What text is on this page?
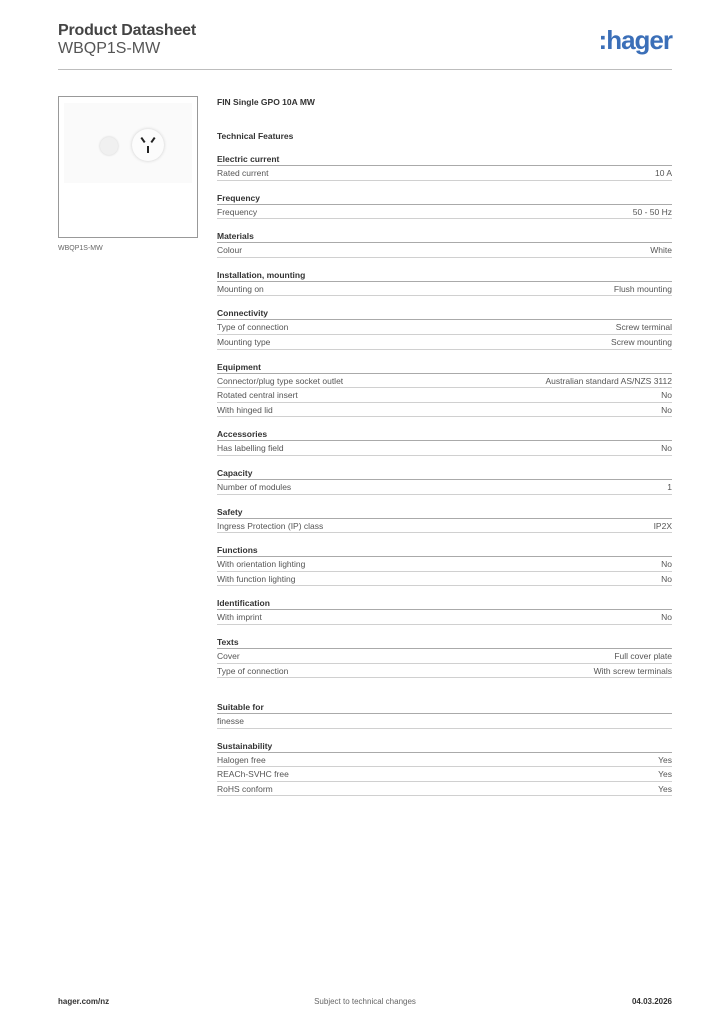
Product Datasheet
WBQP1S-MW	:hager
WBQP1S-MW
FIN Single GPO 10A MW
Technical Features
Electric current
Rated current	10 A
Frequency
Frequency	50 - 50 Hz
Materials
Colour	White
Installation, mounting
Mounting on	Flush mounting
Connectivity
Type of connection	Screw terminal
Mounting type	Screw mounting
Equipment
Connector/plug type socket outlet	Australian standard AS/NZS 3112
Rotated central insert	No
With hinged lid	No
Accessories
Has labelling field	No
Capacity
Number of modules	1
Safety
Ingress Protection (IP) class	IP2X
Functions
With orientation lighting	No
With function lighting	No
Identification
With imprint	No
Texts
Cover	Full cover plate
Type of connection	With screw terminals
Suitable for
finesse
Sustainability
Halogen free	Yes
REACh-SVHC free	Yes
RoHS conform	Yes
hager.com/nz	Subject to technical changes	04.03.2026
